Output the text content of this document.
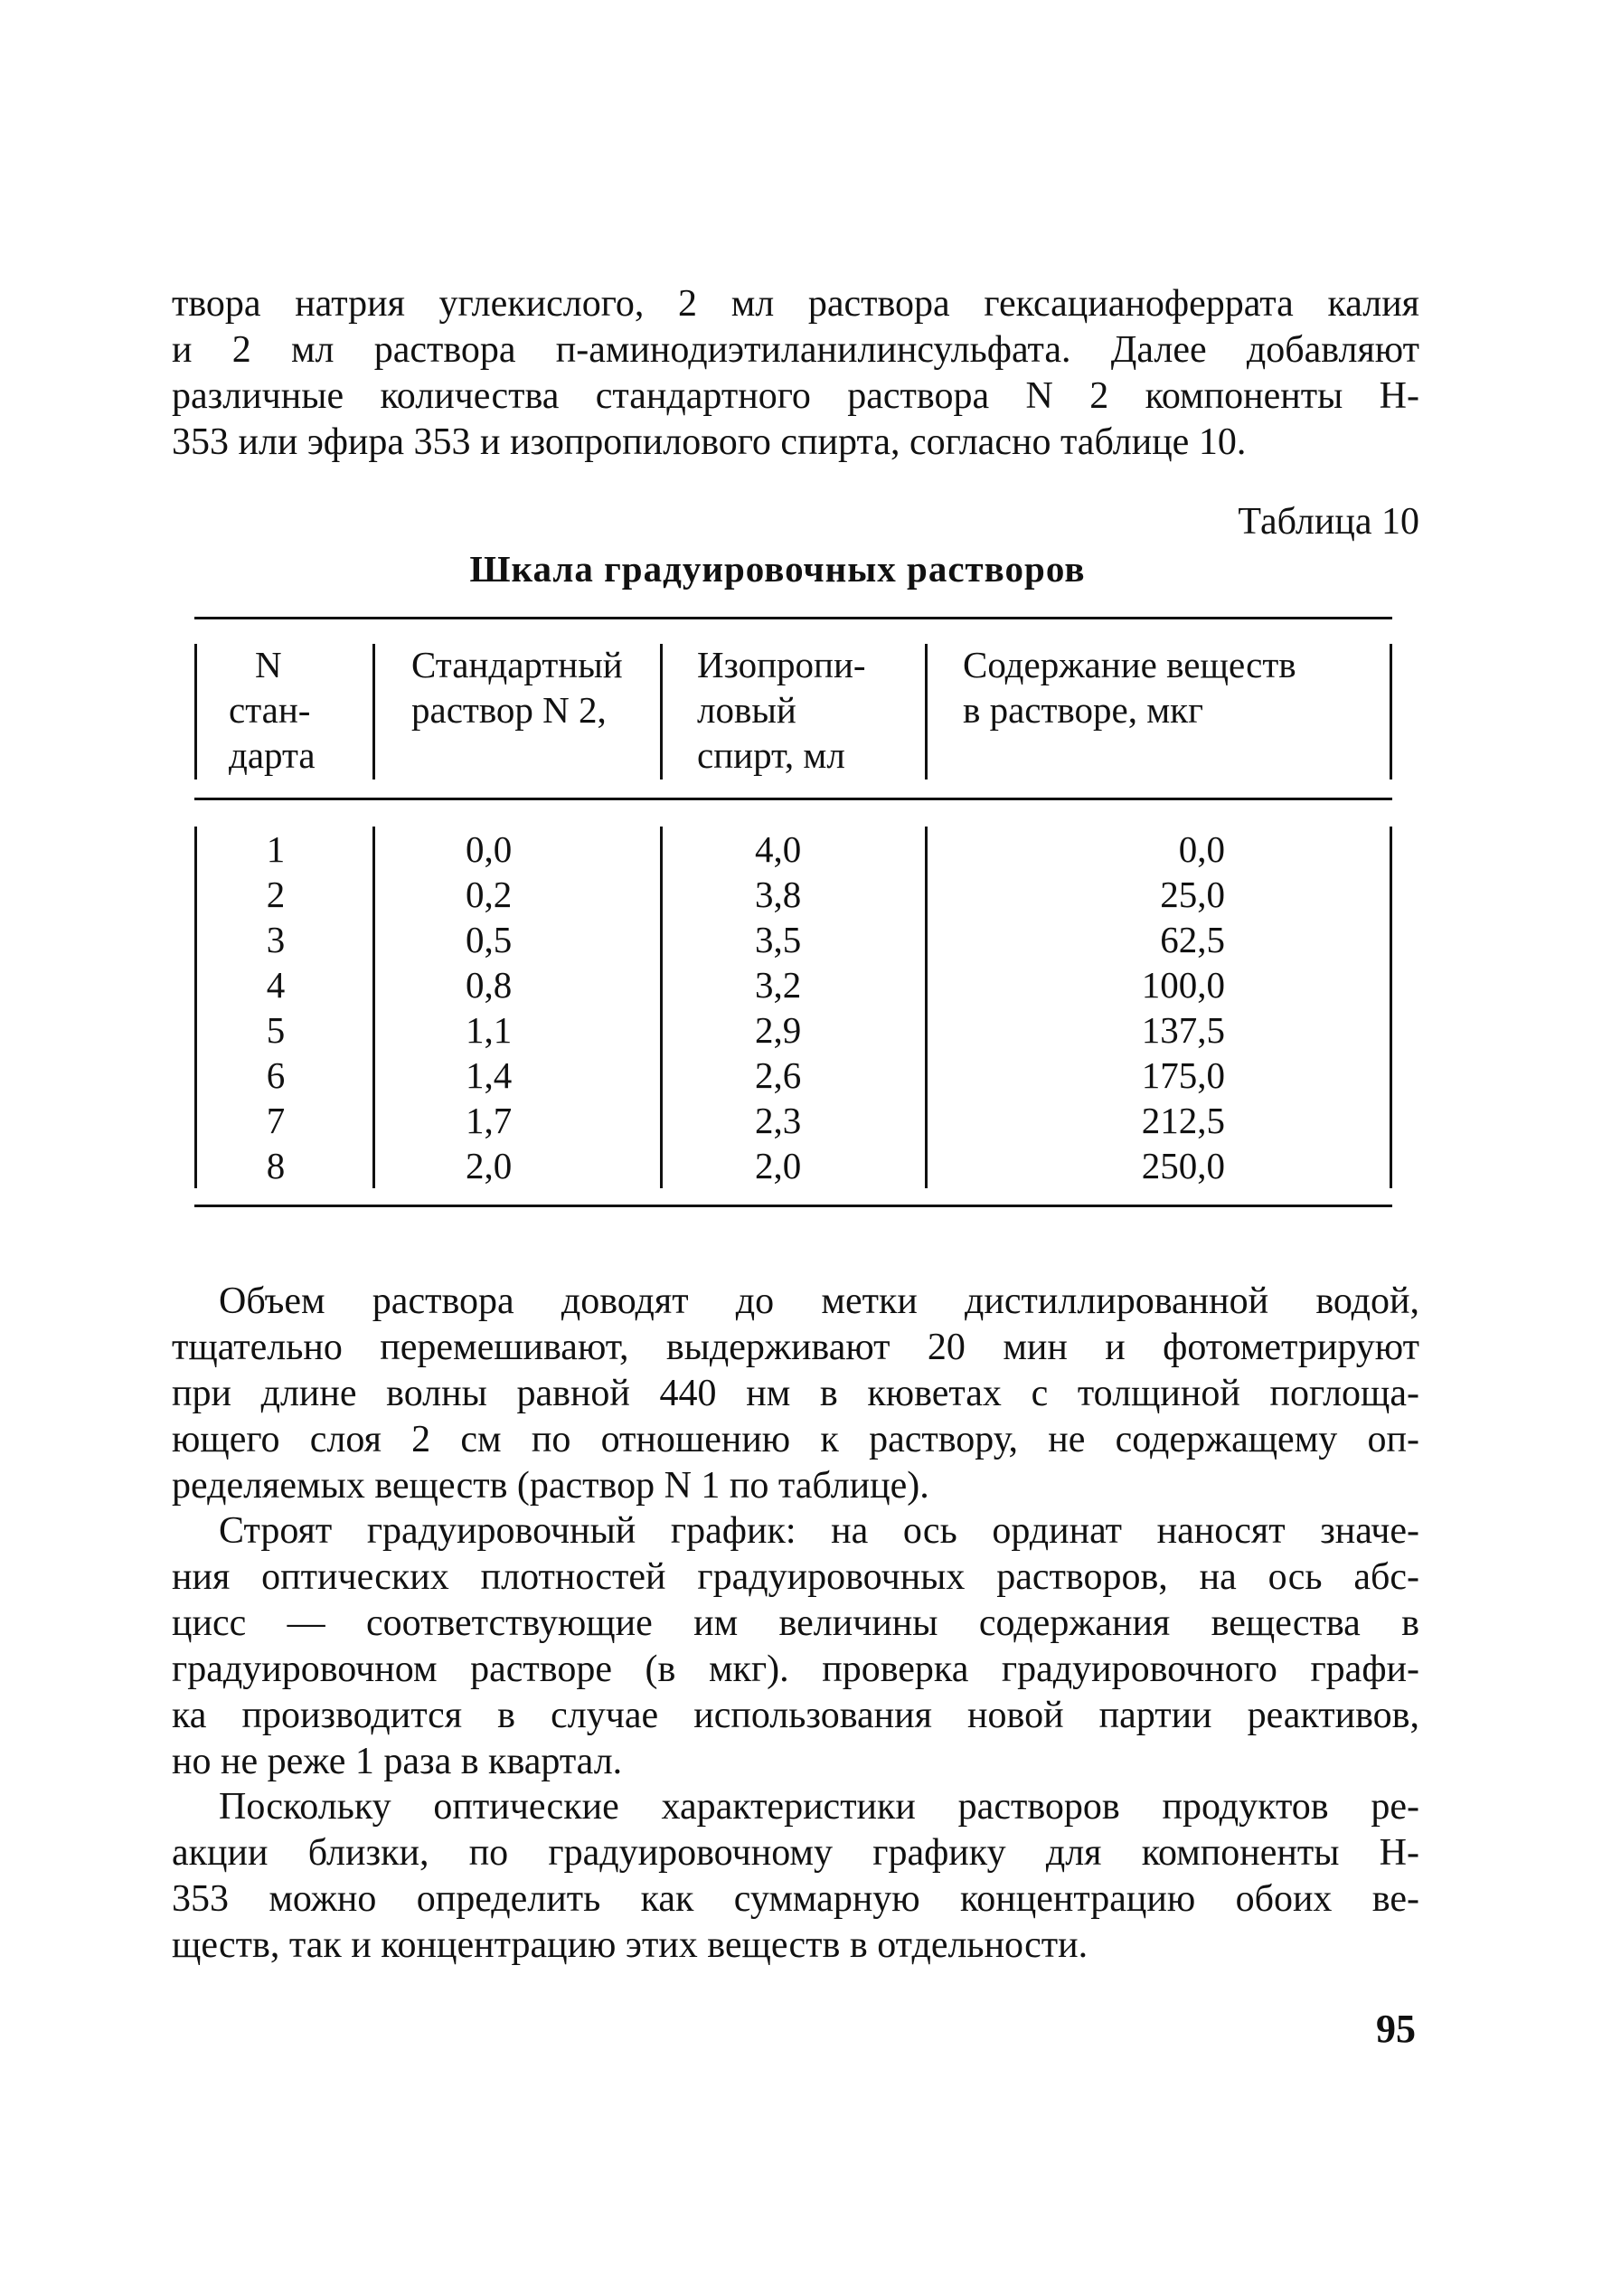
твора натрия углекислого, 2 мл раствора гексацианоферрата калия
и 2 мл раствора п-аминодиэтиланилинсульфата. Далее добавляют
различные количества стандартного раствора N 2 компоненты Н-
353 или эфира 353 и изопропилового спирта, согласно таблице 10.

Таблица 10
Шкала градуировочных растворов
N
стан-
дарта
Стандартный
раствор N 2,
Изопропи-
ловый
спирт, мл
Содержание веществ
в растворе, мкг
1
2
3
4
5
6
7
8
0,0
0,2
0,5
0,8
1,1
1,4
1,7
2,0
4,0
3,8
3,5
3,2
2,9
2,6
2,3
2,0
0,0
25,0
62,5
100,0
137,5
175,0
212,5
250,0

Объем раствора доводят до метки дистиллированной водой,
тщательно перемешивают, выдерживают 20 мин и фотометрируют
при длине волны равной 440 нм в кюветах с толщиной поглоща-
ющего слоя 2 см по отношению к раствору, не содержащему оп-
ределяемых веществ (раствор N 1 по таблице).

Строят градуировочный график: на ось ординат наносят значе-
ния оптических плотностей градуировочных растворов, на ось абс-
цисс — соответствующие им величины содержания вещества в
градуировочном растворе (в мкг). проверка градуировочного графи-
ка производится в случае использования новой партии реактивов,
но не реже 1 раза в квартал.

Поскольку оптические характеристики растворов продуктов ре-
акции близки, по градуировочному графику для компоненты Н-
353 можно определить как суммарную концентрацию обоих ве-
ществ, так и концентрацию этих веществ в отдельности.

95
